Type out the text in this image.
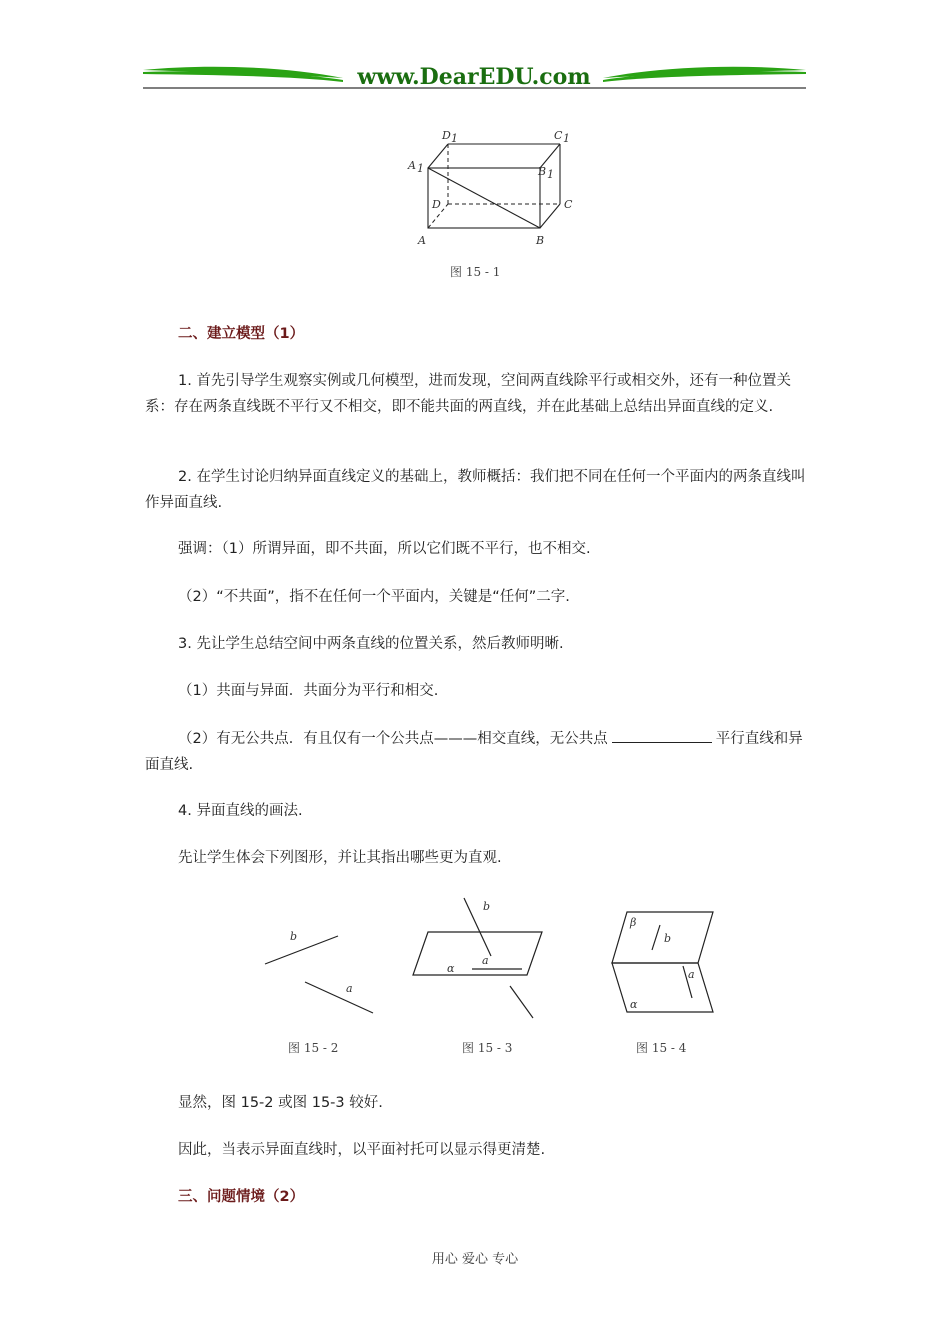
www.DearEDU.com
D 1	C 1
A 1	B 1
D	C
A	B
图 15 - 1
二、建立模型（1）
1. 首先引导学生观察实例或几何模型，进而发现，空间两直线除平行或相交外，还有一种位置关系：存在两条直线既不平行又不相交，即不能共面的两直线，并在此基础上总结出异面直线的定义.
2. 在学生讨论归纳异面直线定义的基础上，教师概括：我们把不同在任何一个平面内的两条直线叫作异面直线.
强调：（1）所谓异面，即不共面，所以它们既不平行，也不相交.
（2）“不共面”，指不在任何一个平面内，关键是“任何”二字.
3. 先让学生总结空间中两条直线的位置关系，然后教师明晰.
（1）共面与异面．共面分为平行和相交.
（2）有无公共点．有且仅有一个公共点———相交直线，无公共点	平行直线和异面直线.
4. 异面直线的画法.
先让学生体会下列图形，并让其指出哪些更为直观.
b
a
图 15 - 2
b
a
α
图 15 - 3
β
b
a
α
图 15 - 4
显然，图 15-2 或图 15-3 较好.
因此，当表示异面直线时，以平面衬托可以显示得更清楚.
三、问题情境（2）
用心 爱心 专心
